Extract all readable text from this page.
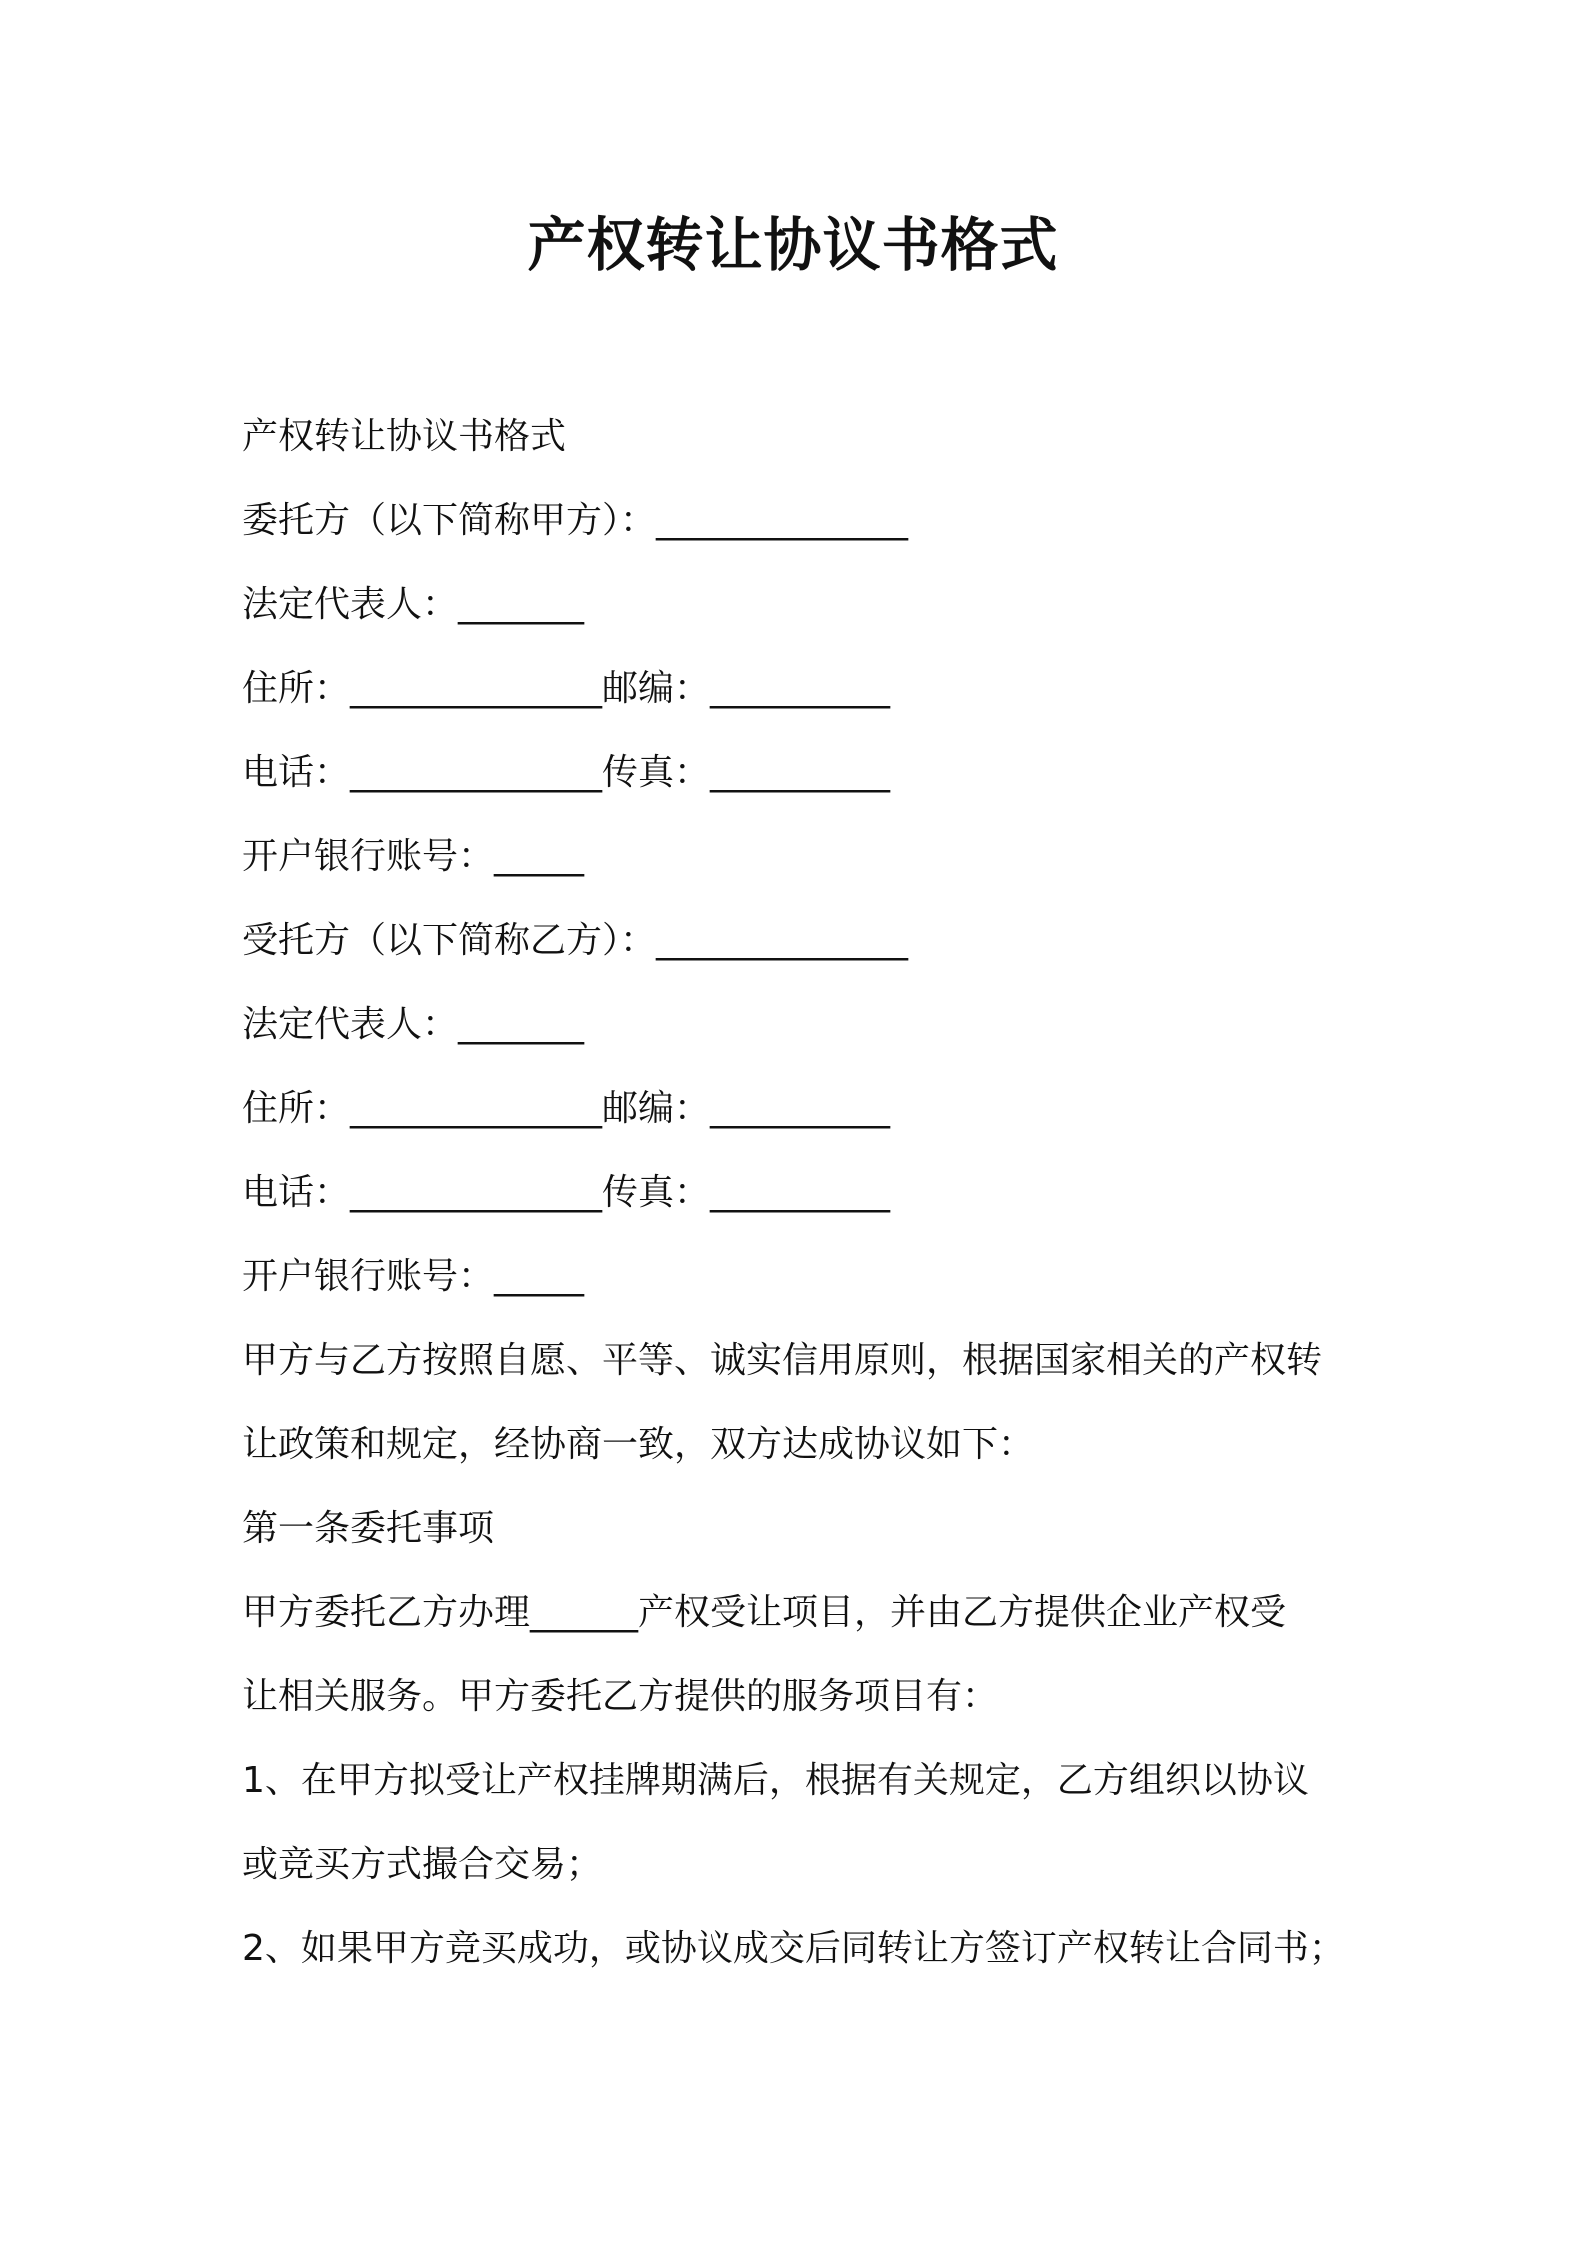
产权转让协议书格式
产权转让协议书格式
委托方（以下简称甲方）：______________
法定代表人：_______
住所：______________邮编：__________
电话：______________传真：__________
开户银行账号：_____
受托方（以下简称乙方）：______________
法定代表人：_______
住所：______________邮编：__________
电话：______________传真：__________
开户银行账号：_____
甲方与乙方按照自愿、平等、诚实信用原则，根据国家相关的产权转
让政策和规定，经协商一致，双方达成协议如下：
第一条委托事项
甲方委托乙方办理______产权受让项目，并由乙方提供企业产权受
让相关服务。甲方委托乙方提供的服务项目有：
1、在甲方拟受让产权挂牌期满后，根据有关规定，乙方组织以协议
或竞买方式撮合交易；
2、如果甲方竞买成功，或协议成交后同转让方签订产权转让合同书；
